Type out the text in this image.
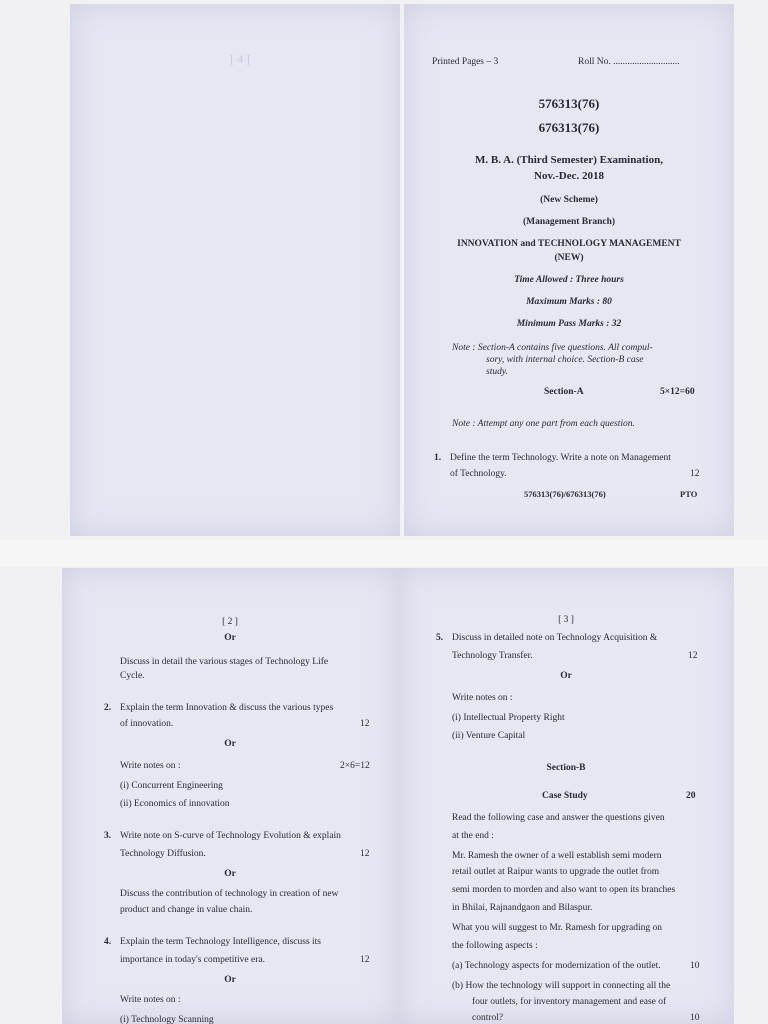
[ 4 ]	Printed Pages – 3	Roll No. ............................
576313(76)
676313(76)
M. B. A. (Third Semester) Examination,
Nov.-Dec. 2018
(New Scheme)
(Management Branch)
INNOVATION and TECHNOLOGY MANAGEMENT
(NEW)
Time Allowed : Three hours
Maximum Marks : 80
Minimum Pass Marks : 32
Note : Section-A contains five questions. All compul-
sory, with internal choice. Section-B case
study.
Section-A	5×12=60
Note : Attempt any one part from each question.
1. Define the term Technology. Write a note on Management
of Technology.	12
576313(76)/676313(76)	PTO
[ 2 ]
Or
Discuss in detail the various stages of Technology Life
Cycle.
2. Explain the term Innovation & discuss the various types
of innovation.	12
Or
Write notes on :	2×6=12
(i) Concurrent Engineering
(ii) Economics of innovation
3. Write note on S-curve of Technology Evolution & explain
Technology Diffusion.	12
Or
Discuss the contribution of technology in creation of new
product and change in value chain.
4. Explain the term Technology Intelligence, discuss its
importance in today's competitive era.	12
Or
Write notes on :
(i) Technology Scanning
[ 3 ]
5. Discuss in detailed note on Technology Acquisition &
Technology Transfer.	12
Or
Write notes on :
(i) Intellectual Property Right
(ii) Venture Capital
Section-B
Case Study	20
Read the following case and answer the questions given
at the end :
Mr. Ramesh the owner of a well establish semi modern
retail outlet at Raipur wants to upgrade the outlet from
semi morden to morden and also want to open its branches
in Bhilai, Rajnandgaon and Bilaspur.
What you will suggest to Mr. Ramesh for upgrading on
the following aspects :
(a) Technology aspects for modernization of the outlet.	10
(b) How the technology will support in connecting all the
four outlets, for inventory management and ease of
control?	10
